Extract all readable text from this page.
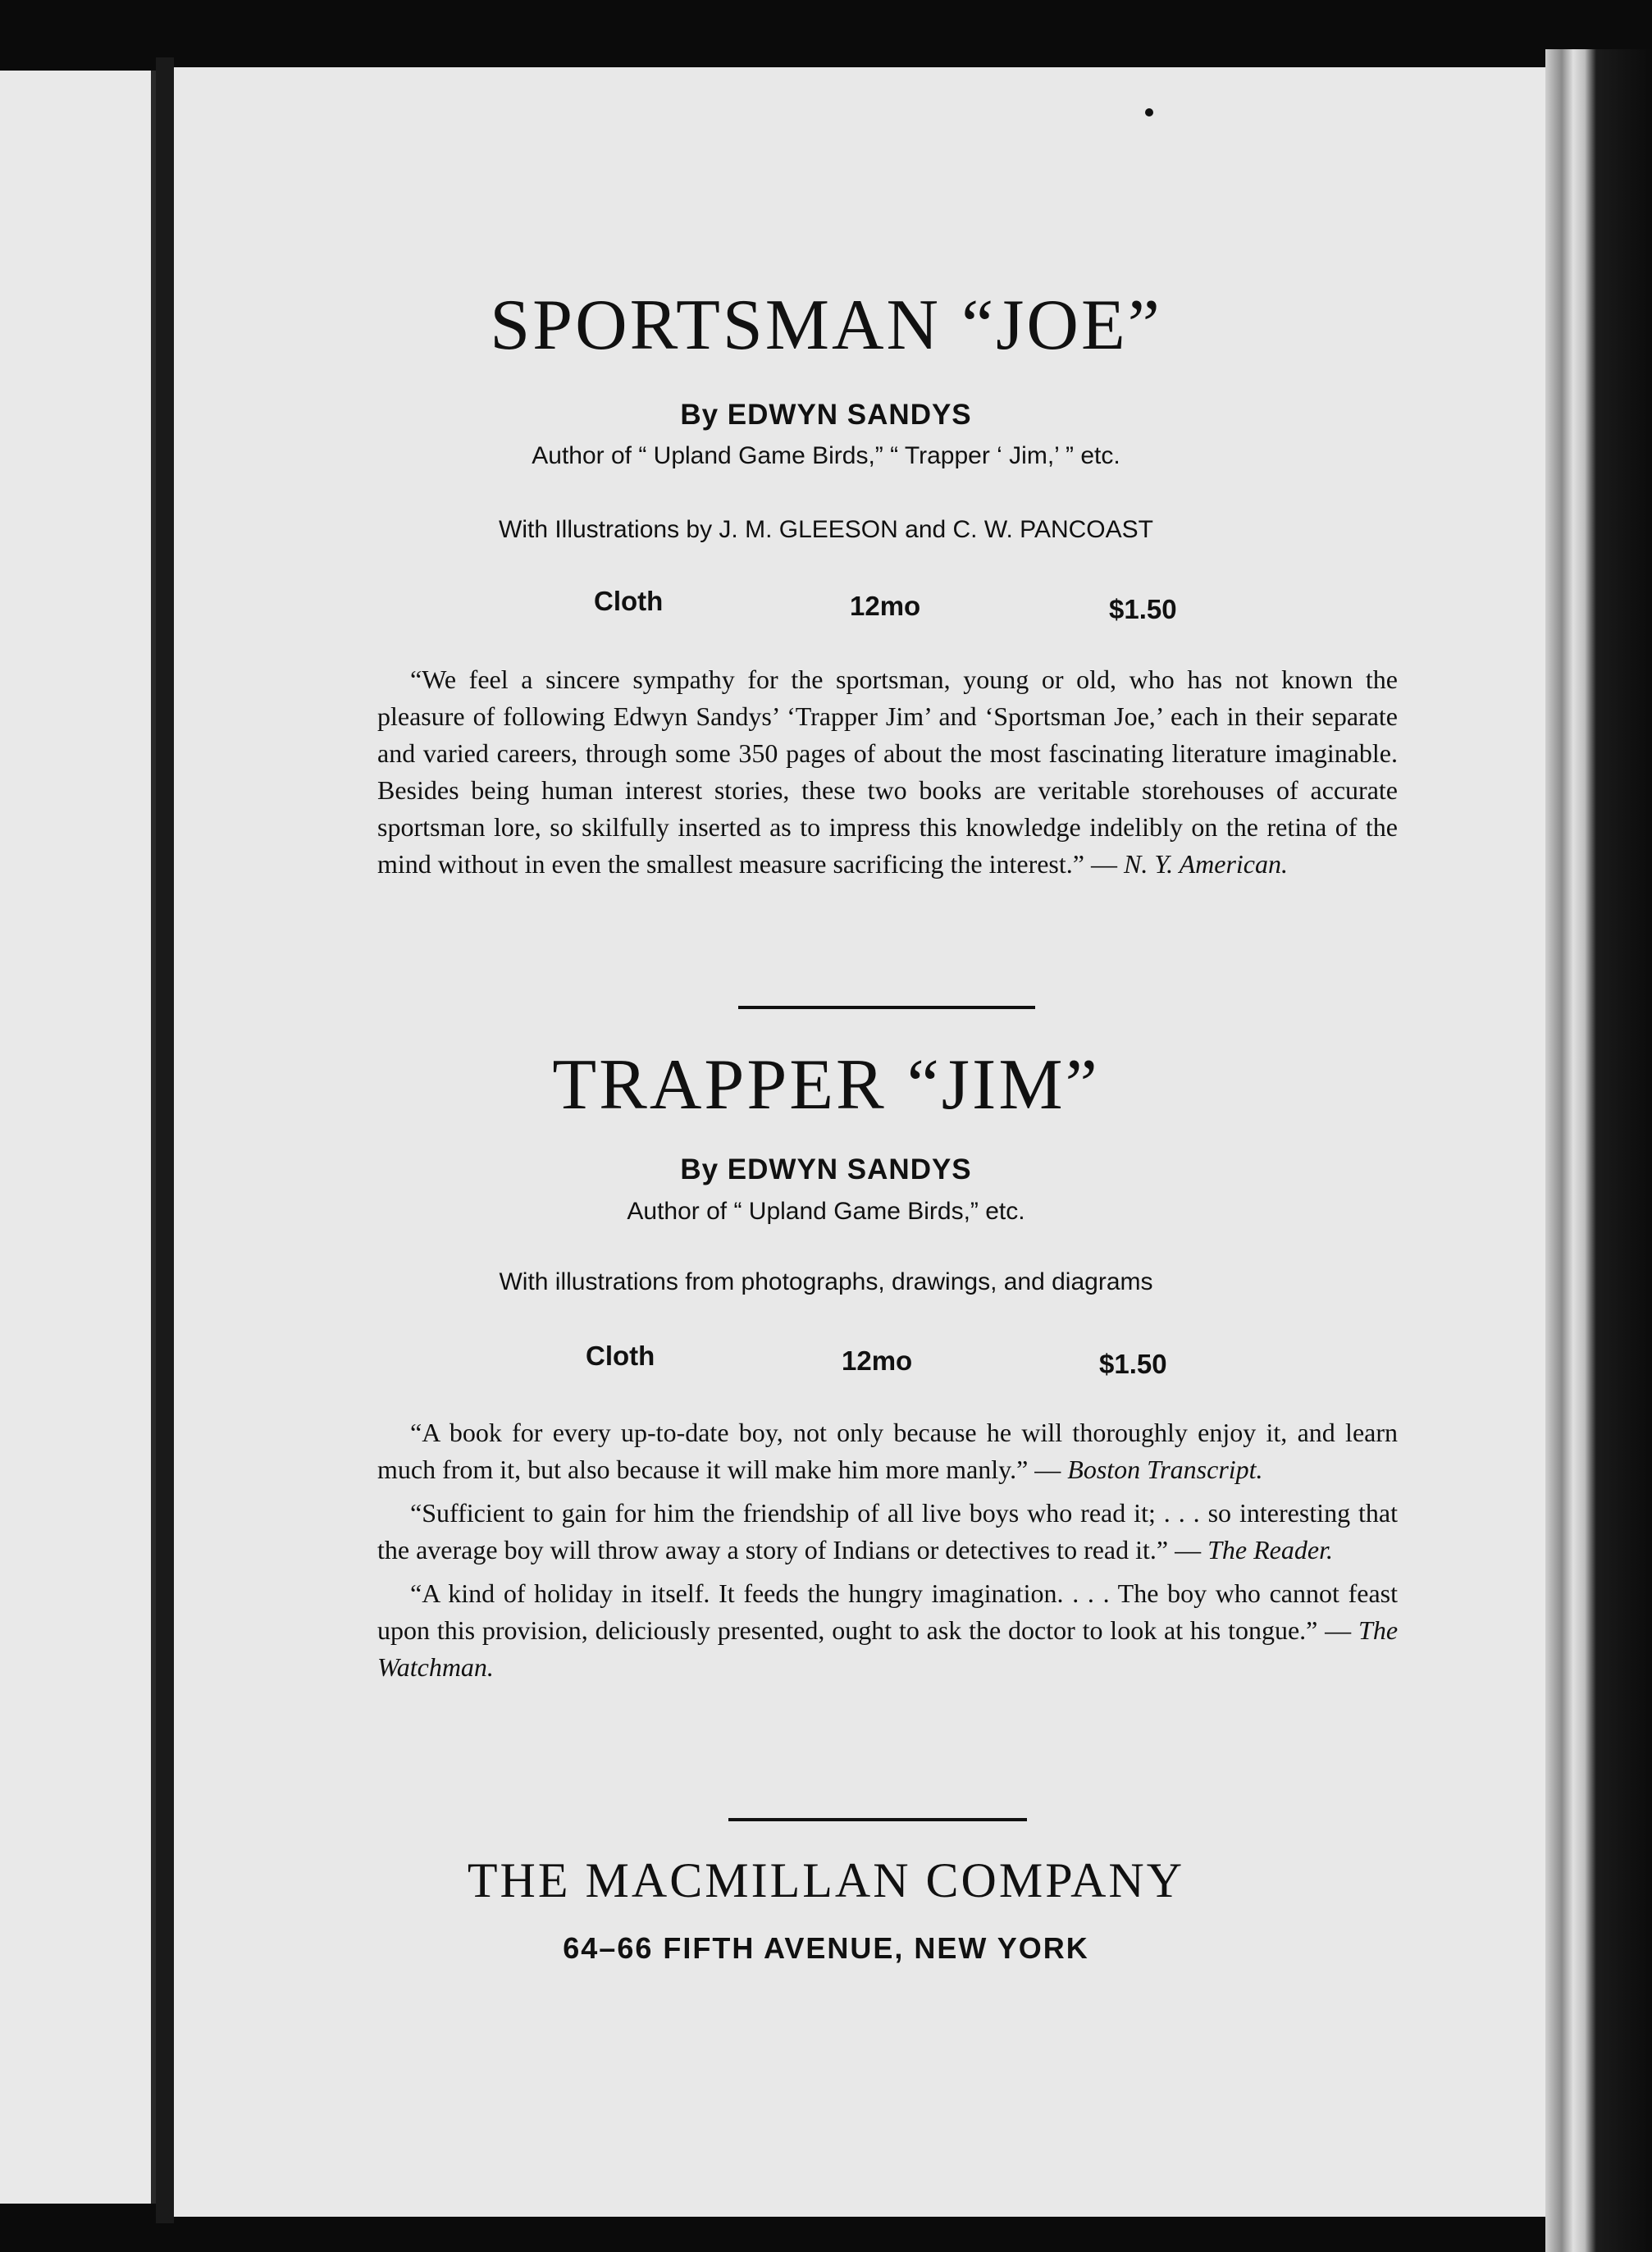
SPORTSMAN “JOE”
By EDWYN SANDYS
Author of “ Upland Game Birds,” “ Trapper ‘ Jim,’ ” etc.
With Illustrations by J. M. GLEESON and C. W. PANCOAST
Cloth	12mo	$1.50

“We feel a sincere sympathy for the sportsman, young or old, who has not known the pleasure of following Edwyn Sandys’ ‘Trapper Jim’ and ‘Sportsman Joe,’ each in their separate and varied careers, through some 350 pages of about the most fascinating literature imaginable. Besides being human interest stories, these two books are veritable storehouses of accurate sportsman lore, so skilfully inserted as to impress this knowledge indelibly on the retina of the mind without in even the smallest measure sacrificing the interest.” — N. Y. American.

TRAPPER “JIM”
By EDWYN SANDYS
Author of “ Upland Game Birds,” etc.
With illustrations from photographs, drawings, and diagrams
Cloth	12mo	$1.50

“A book for every up-to-date boy, not only because he will thoroughly enjoy it, and learn much from it, but also because it will make him more manly.” — Boston Transcript.

“Sufficient to gain for him the friendship of all live boys who read it; . . . so interesting that the average boy will throw away a story of Indians or detectives to read it.” — The Reader.

“A kind of holiday in itself. It feeds the hungry imagination. . . . The boy who cannot feast upon this provision, deliciously presented, ought to ask the doctor to look at his tongue.” — The Watchman.

THE MACMILLAN COMPANY
64–66 FIFTH AVENUE, NEW YORK
